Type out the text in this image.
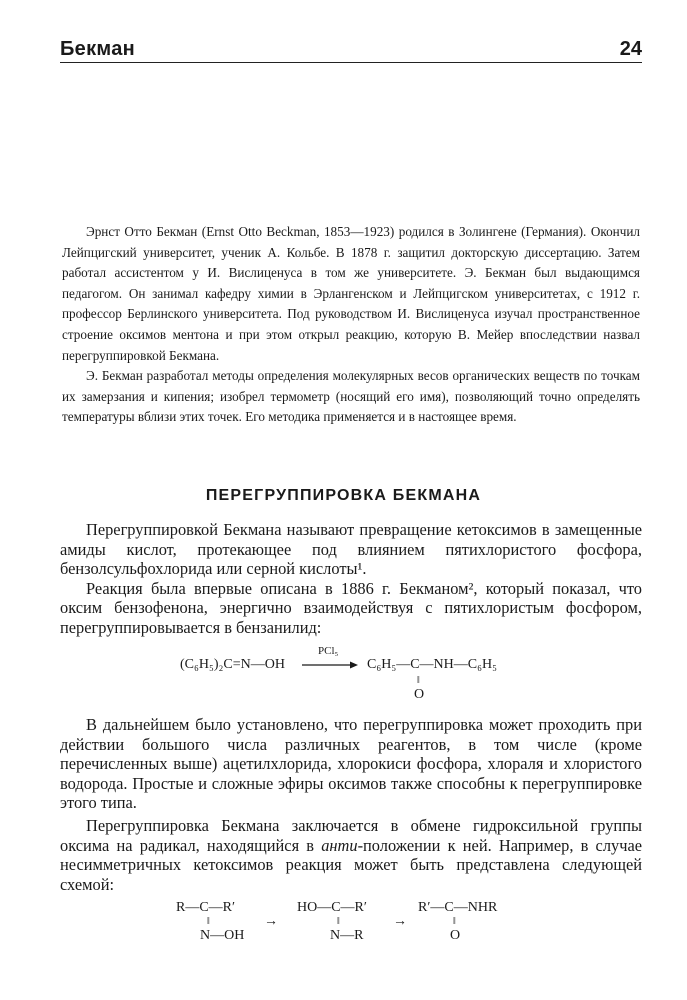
Бекман	24

Эрнст Отто Бекман (Ernst Otto Beckman, 1853—1923) родился в Золингене (Германия). Окончил Лейпцигский университет, ученик А. Кольбе. В 1878 г. защитил докторскую диссертацию. Затем работал ассистентом у И. Вислиценуса в том же университете. Э. Бекман был выдающимся педагогом. Он занимал кафедру химии в Эрлангенском и Лейпцигском университетах, с 1912 г. профессор Берлинского университета. Под руководством И. Вислиценуса изучал пространственное строение оксимов ментона и при этом открыл реакцию, которую В. Мейер впоследствии назвал перегруппировкой Бекмана.

Э. Бекман разработал методы определения молекулярных весов органических веществ по точкам их замерзания и кипения; изобрел термометр (носящий его имя), позволяющий точно определять температуры вблизи этих точек. Его методика применяется и в настоящее время.

ПЕРЕГРУППИРОВКА БЕКМАНА

Перегруппировкой Бекмана называют превращение кетоксимов в замещенные амиды кислот, протекающее под влиянием пятихлористого фосфора, бензолсульфохлорида или серной кислоты¹.

Реакция была впервые описана в 1886 г. Бекманом², который показал, что оксим бензофенона, энергично взаимодействуя с пятихлористым фосфором, перегруппировывается в бензанилид:

(C₆H₅)₂C=N—OH
PCl₅
→ C₆H₅—C—NH—C₆H₅
‖
O

В дальнейшем было установлено, что перегруппировка может проходить при действии большого числа различных реагентов, в том числе (кроме перечисленных выше) ацетилхлорида, хлорокиси фосфора, хлораля и хлористого водорода. Простые и сложные эфиры оксимов также способны к перегруппировке этого типа.

Перегруппировка Бекмана заключается в обмене гидроксильной группы оксима на радикал, находящийся в анти-положении к ней. Например, в случае несимметричных кетоксимов реакция может быть представлена следующей схемой:

R—C—R′
‖
N—OH
→
HO—C—R′
‖
N—R
→
R′—C—NHR
‖
O
